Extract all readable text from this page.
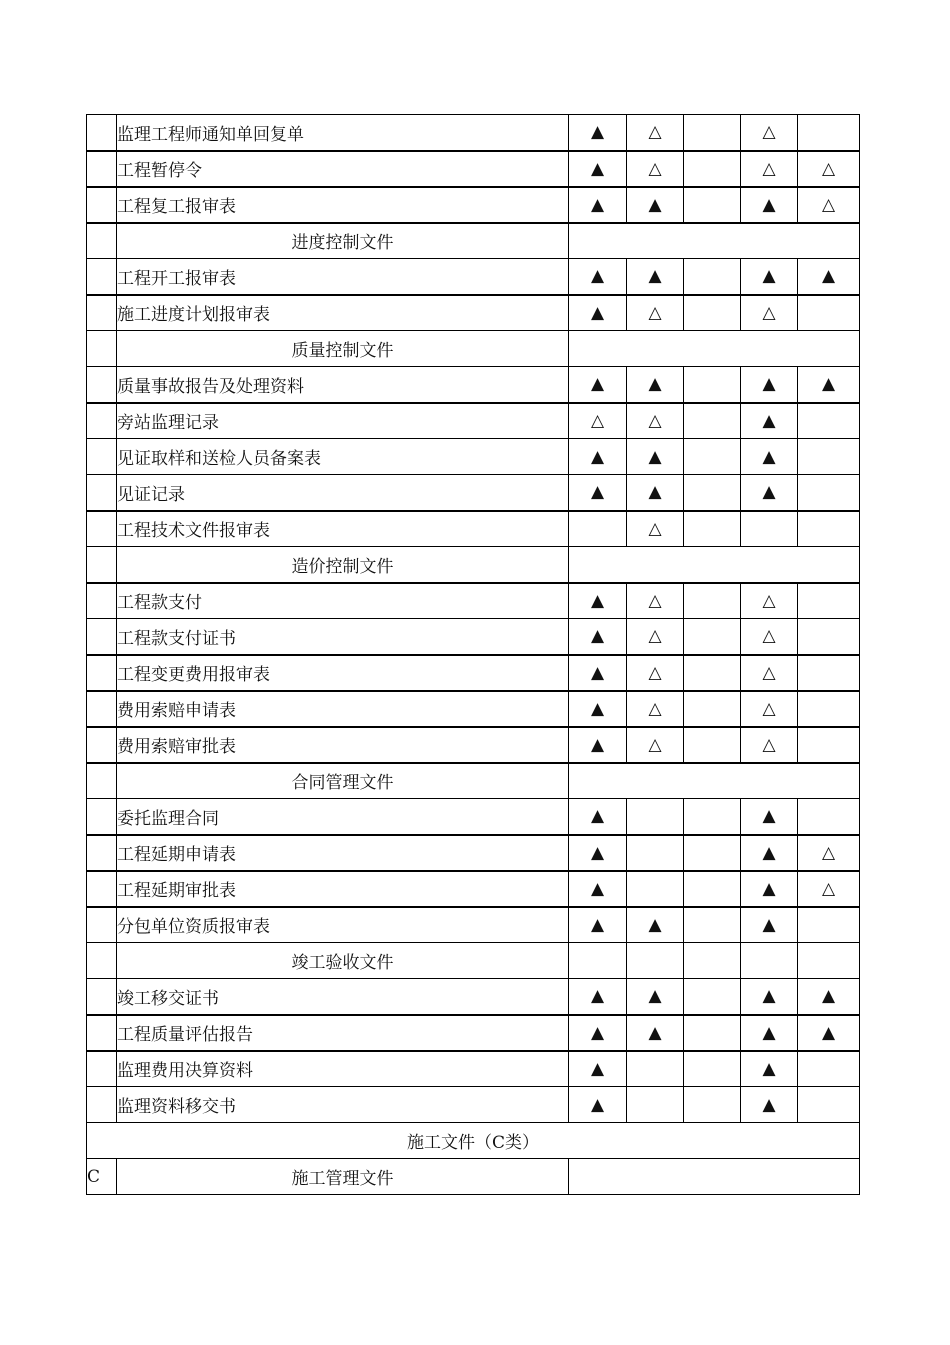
	监理工程师通知单回复单	▲	△		△	
	工程暂停令	▲	△		△	△
	工程复工报审表	▲	▲		▲	△
	进度控制文件					
	工程开工报审表	▲	▲		▲	▲
	施工进度计划报审表	▲	△		△	
	质量控制文件					
	质量事故报告及处理资料	▲	▲		▲	▲
	旁站监理记录	△	△		▲	
	见证取样和送检人员备案表	▲	▲		▲	
	见证记录	▲	▲		▲	
	工程技术文件报审表		△			
	造价控制文件					
	工程款支付	▲	△		△	
	工程款支付证书	▲	△		△	
	工程变更费用报审表	▲	△		△	
	费用索赔申请表	▲	△		△	
	费用索赔审批表	▲	△		△	
	合同管理文件					
	委托监理合同	▲			▲	
	工程延期申请表	▲			▲	△
	工程延期审批表	▲			▲	△
	分包单位资质报审表	▲	▲		▲	
	竣工验收文件					
	竣工移交证书	▲	▲		▲	▲
	工程质量评估报告	▲	▲		▲	▲
	监理费用决算资料	▲			▲	
	监理资料移交书	▲			▲	
施工文件（C类）						
C	施工管理文件					
